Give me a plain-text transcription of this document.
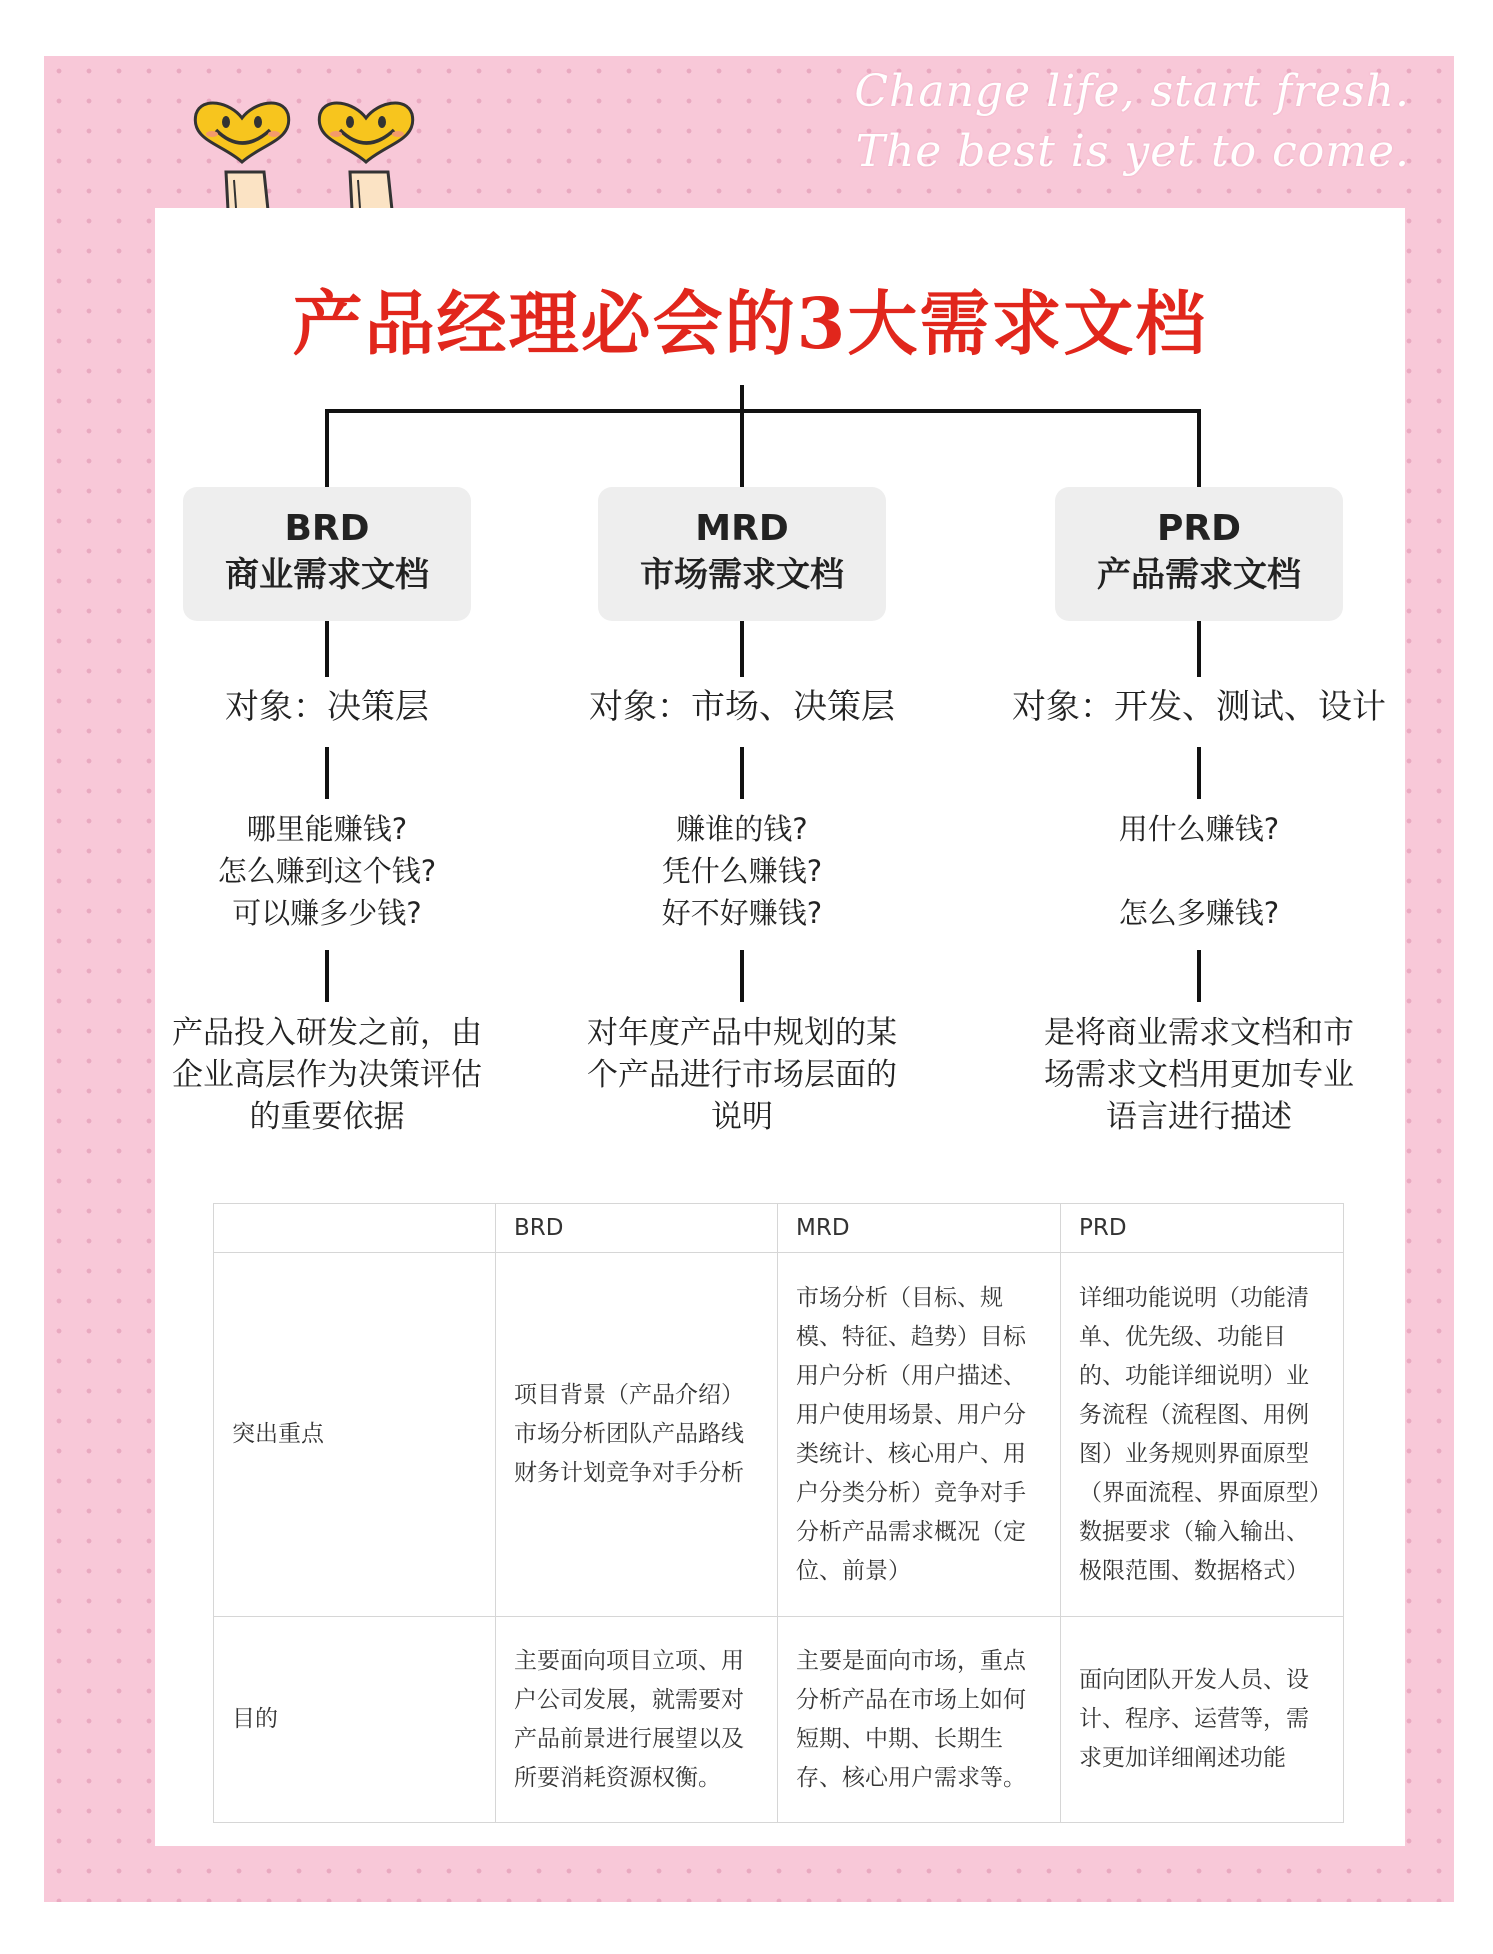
Change life, start fresh.
The best is yet to come.
产品经理必会的3大需求文档
BRD
商业需求文档
对象：决策层
哪里能赚钱?
怎么赚到这个钱?
可以赚多少钱?
产品投入研发之前，由企业高层作为决策评估的重要依据
MRD
市场需求文档
对象：市场、决策层
赚谁的钱?
凭什么赚钱?
好不好赚钱?
对年度产品中规划的某个产品进行市场层面的说明
PRD
产品需求文档
对象：开发、测试、设计
用什么赚钱?
怎么多赚钱?
是将商业需求文档和市场需求文档用更加专业语言进行描述
	BRD	MRD	PRD
突出重点	项目背景（产品介绍）市场分析团队产品路线财务计划竞争对手分析	市场分析（目标、规模、特征、趋势）目标用户分析（用户描述、用户使用场景、用户分类统计、核心用户、用户分类分析）竞争对手分析产品需求概况（定位、前景）	详细功能说明（功能清单、优先级、功能目的、功能详细说明）业务流程（流程图、用例图）业务规则界面原型（界面流程、界面原型）数据要求（输入输出、极限范围、数据格式）
目的	主要面向项目立项、用户公司发展，就需要对产品前景进行展望以及所要消耗资源权衡。	主要是面向市场，重点分析产品在市场上如何短期、中期、长期生存、核心用户需求等。	面向团队开发人员、设计、程序、运营等，需求更加详细阐述功能
